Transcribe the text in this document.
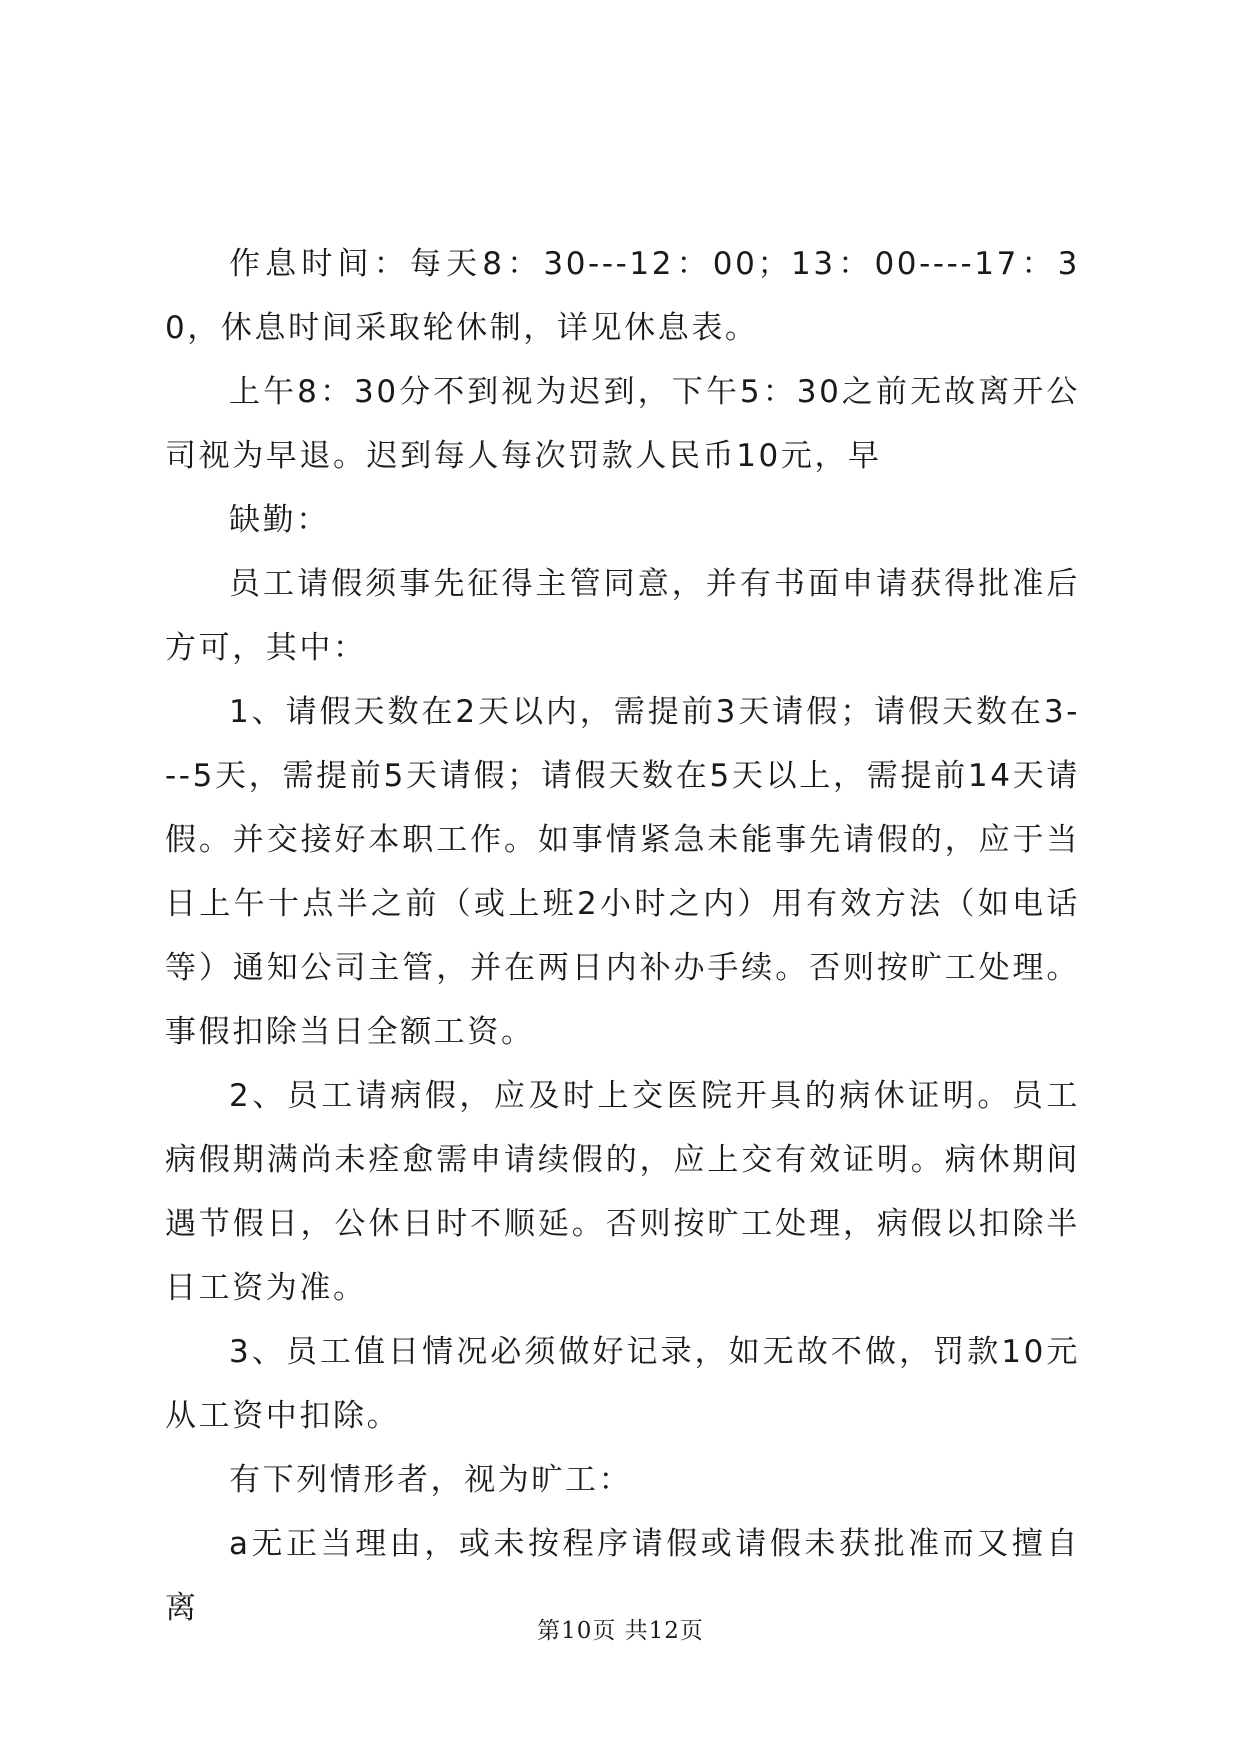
作息时间：每天8：30---12：00；13：00----17：30，休息时间采取轮休制，详见休息表。

上午8：30分不到视为迟到，下午5：30之前无故离开公司视为早退。迟到每人每次罚款人民币10元，早

缺勤：

员工请假须事先征得主管同意，并有书面申请获得批准后方可，其中：

1、请假天数在2天以内，需提前3天请假；请假天数在3---5天，需提前5天请假；请假天数在5天以上，需提前14天请假。并交接好本职工作。如事情紧急未能事先请假的，应于当日上午十点半之前（或上班2小时之内）用有效方法（如电话等）通知公司主管，并在两日内补办手续。否则按旷工处理。事假扣除当日全额工资。

2、员工请病假，应及时上交医院开具的病休证明。员工病假期满尚未痊愈需申请续假的，应上交有效证明。病休期间遇节假日，公休日时不顺延。否则按旷工处理，病假以扣除半日工资为准。

3、员工值日情况必须做好记录，如无故不做，罚款10元从工资中扣除。

有下列情形者，视为旷工：

a无正当理由，或未按程序请假或请假未获批准而又擅自离

第10页 共12页
